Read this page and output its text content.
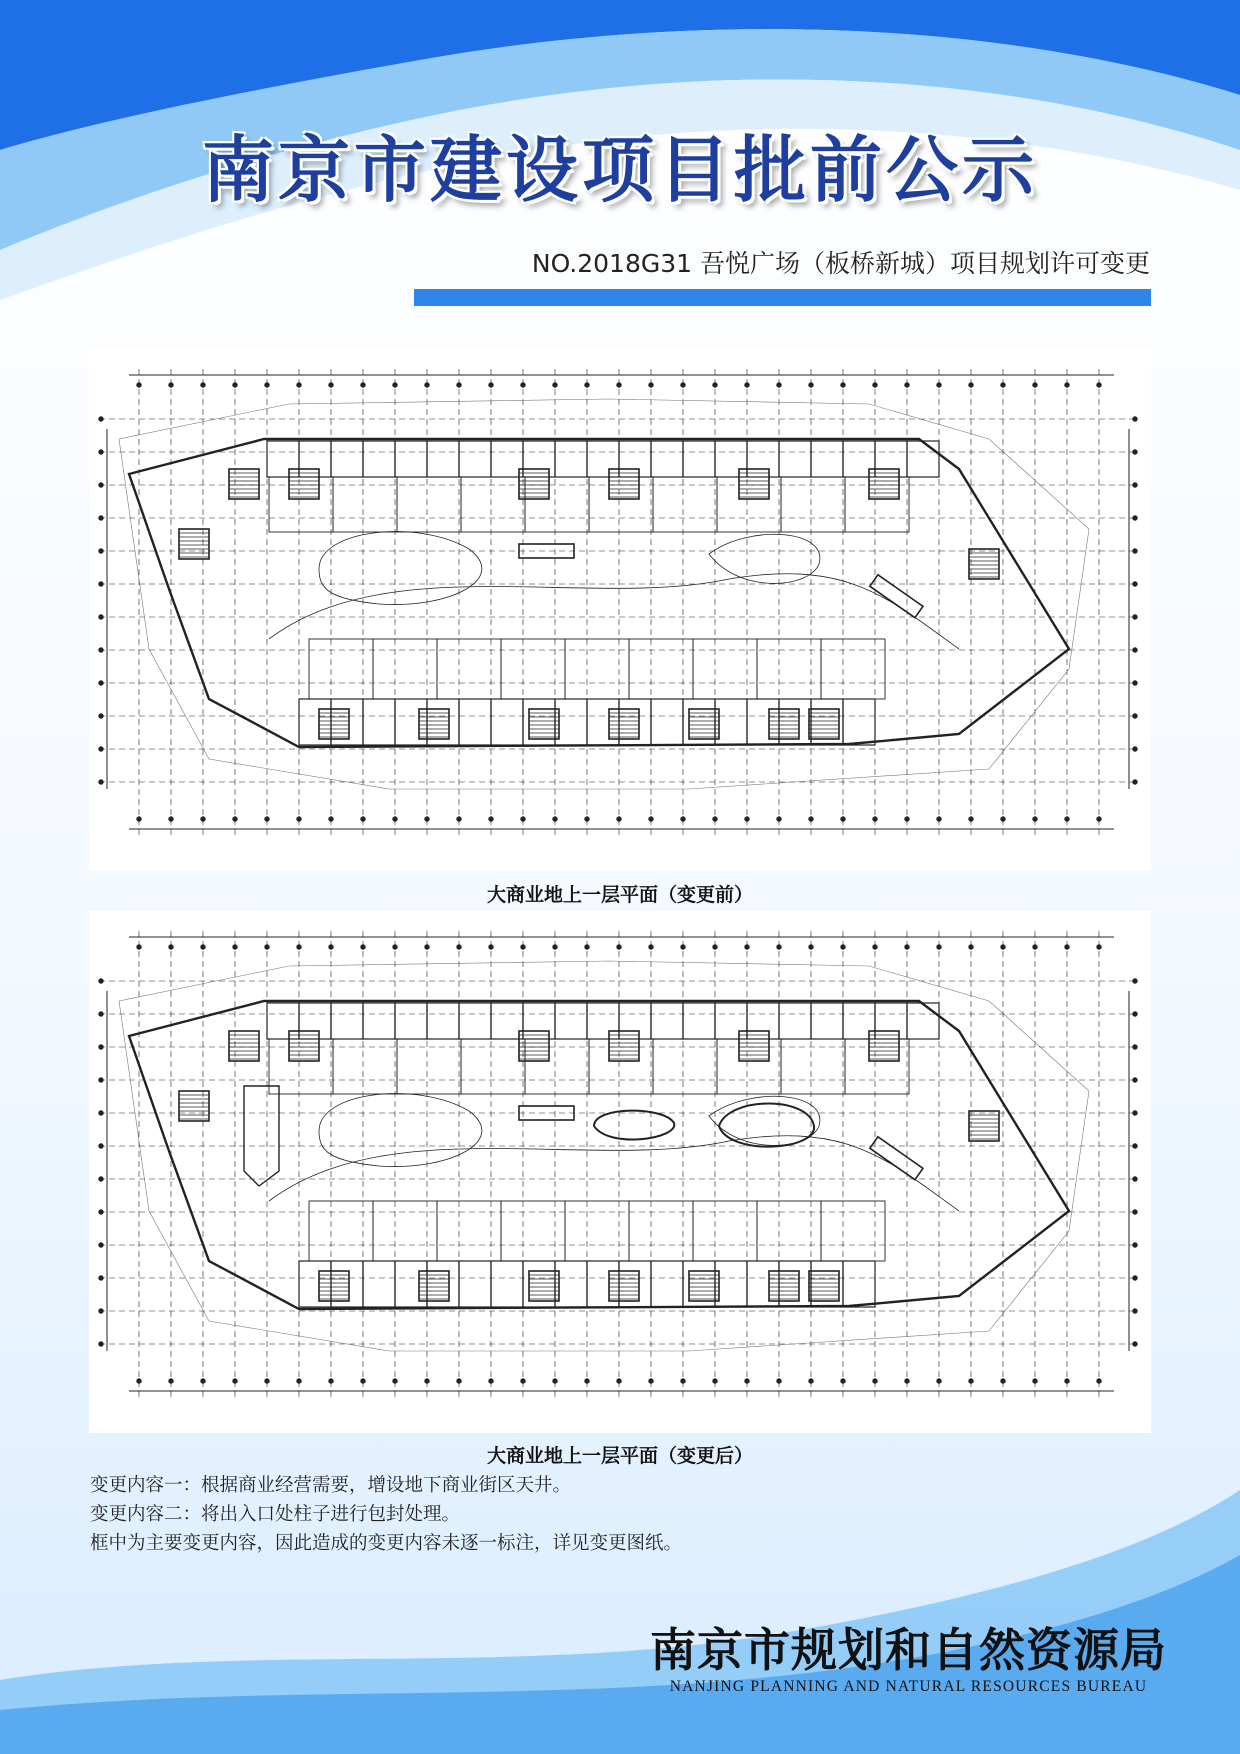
南京市建设项目批前公示
NO.2018G31 吾悦广场（板桥新城）项目规划许可变更
大商业地上一层平面（变更前）
大商业地上一层平面（变更后）
变更内容一：根据商业经营需要，增设地下商业街区天井。
变更内容二：将出入口处柱子进行包封处理。
框中为主要变更内容，因此造成的变更内容未逐一标注，详见变更图纸。
南京市规划和自然资源局
NANJING PLANNING AND NATURAL RESOURCES BUREAU
